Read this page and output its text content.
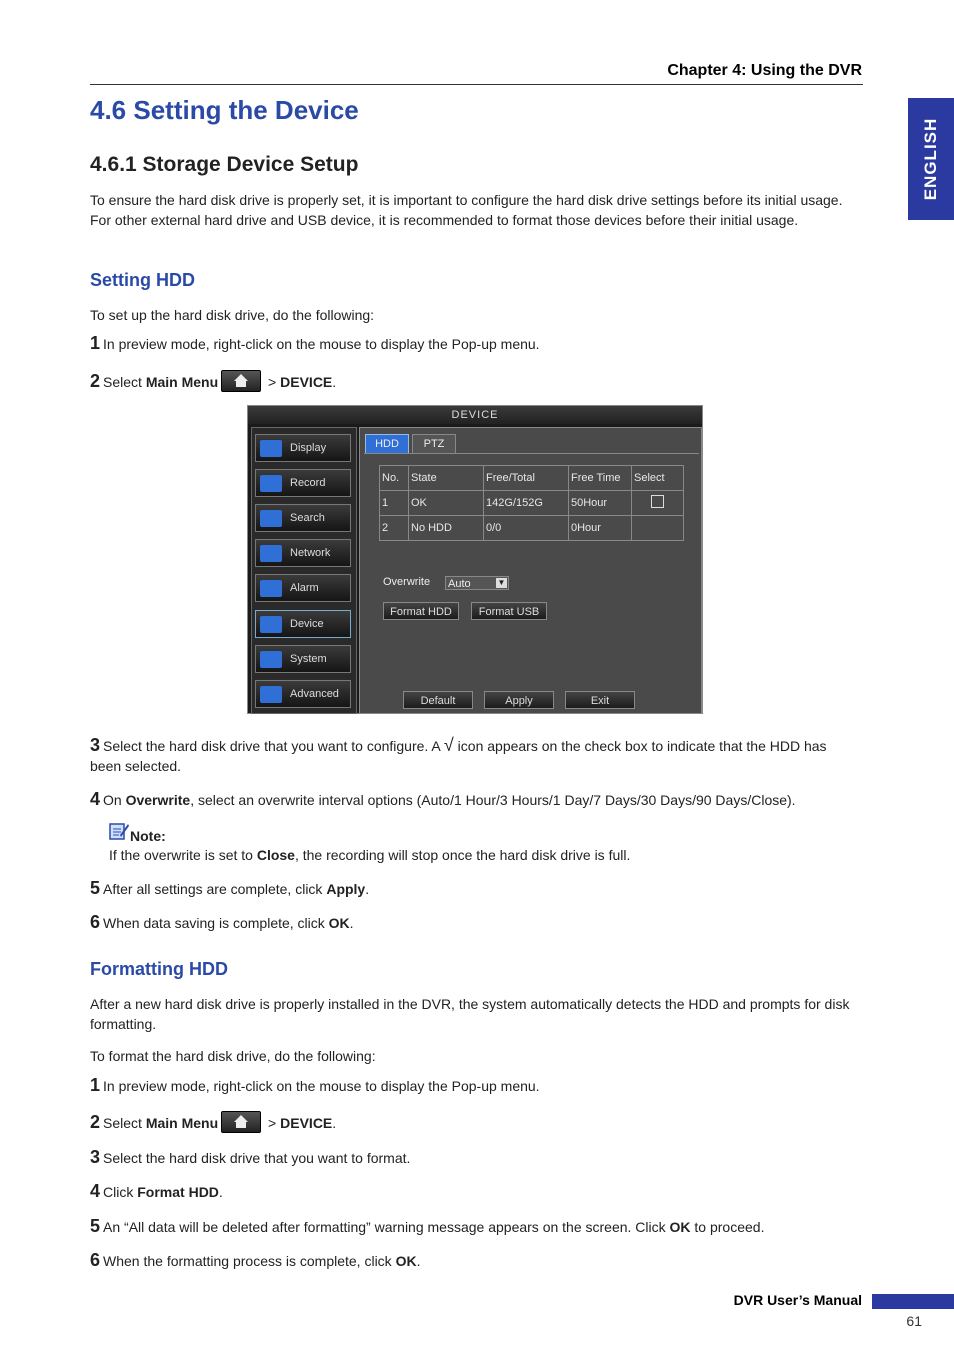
Chapter 4: Using the DVR
ENGLISH
4.6 Setting the Device
4.6.1 Storage Device Setup
To ensure the hard disk drive is properly set, it is important to configure the hard disk drive settings before its initial usage. For other external hard drive and USB device, it is recommended to format those devices before their initial usage.
Setting HDD
To set up the hard disk drive, do the following:
1 In preview mode, right-click on the mouse to display the Pop-up menu.
2 Select Main Menu	> DEVICE.
DEVICE
Display
Record
Search
Network
Alarm
Device
System
Advanced
HDD	PTZ
No.	State	Free/Total	Free Time	Select
1	OK	142G/152G	50Hour	
2	No HDD	0/0	0Hour	
Overwrite Auto	▼
Format HDD	Format USB
Default	Apply	Exit
3 Select the hard disk drive that you want to configure. A √ icon appears on the check box to indicate that the HDD has been selected.
4 On Overwrite, select an overwrite interval options (Auto/1 Hour/3 Hours/1 Day/7 Days/30 Days/90 Days/Close).
Note:
If the overwrite is set to Close, the recording will stop once the hard disk drive is full.
5 After all settings are complete, click Apply.
6 When data saving is complete, click OK.
Formatting HDD
After a new hard disk drive is properly installed in the DVR, the system automatically detects the HDD and prompts for disk formatting.
To format the hard disk drive, do the following:
1 In preview mode, right-click on the mouse to display the Pop-up menu.
2 Select Main Menu	> DEVICE.
3 Select the hard disk drive that you want to format.
4 Click Format HDD.
5 An “All data will be deleted after formatting” warning message appears on the screen. Click OK to proceed.
6 When the formatting process is complete, click OK.
DVR User’s Manual
61
